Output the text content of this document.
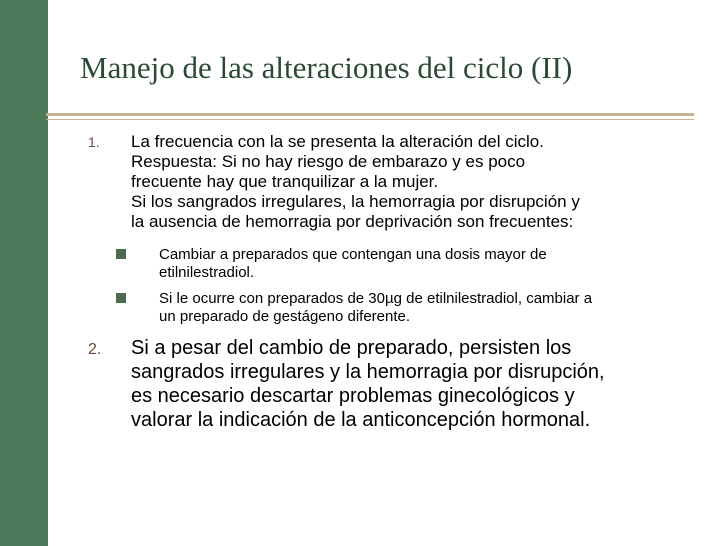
Manejo de las alteraciones del ciclo (II)
1. La frecuencia con la se presenta la alteración del ciclo.
Respuesta: Si no hay riesgo de embarazo y es poco
frecuente hay que tranquilizar a la mujer.
Si los sangrados irregulares, la hemorragia por disrupción y
la ausencia de hemorragia por deprivación son frecuentes:
Cambiar a preparados que contengan una dosis mayor de
etilnilestradiol.
Si le ocurre con preparados de 30µg de etilnilestradiol, cambiar a
un preparado de gestágeno diferente.
2. Si a pesar del cambio de preparado, persisten los
sangrados irregulares y la hemorragia por disrupción,
es necesario descartar problemas ginecológicos y
valorar la indicación de la anticoncepción hormonal.
